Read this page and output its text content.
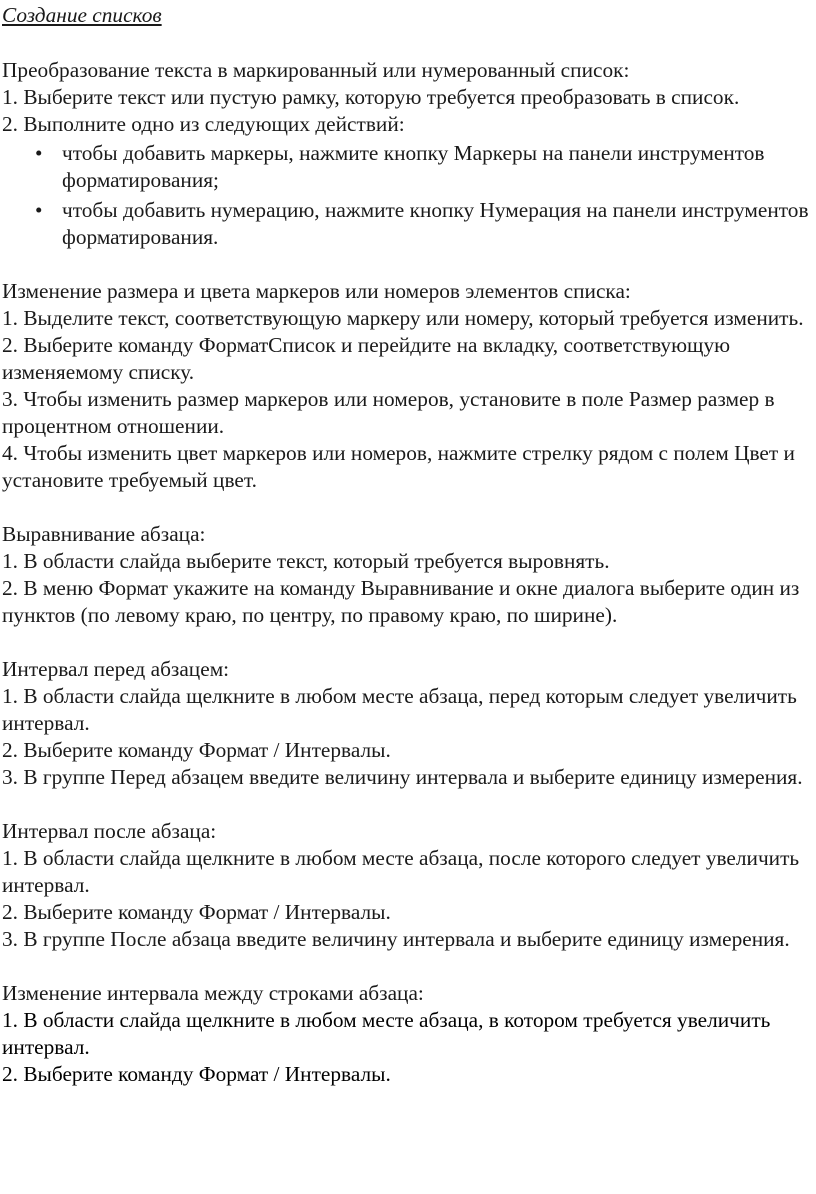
Создание списков

Преобразование текста в маркированный или нумерованный список:

1. Выберите текст или пустую рамку, которую требуется преобразовать в список.

2. Выполните одно из следующих действий:

• чтобы добавить маркеры, нажмите кнопку Маркеры на панели инструментов форматирования;
• чтобы добавить нумерацию, нажмите кнопку Нумерация на панели инструментов форматирования.

Изменение размера и цвета маркеров или номеров элементов списка:

1. Выделите текст, соответствующую маркеру или номеру, который требуется изменить.

2. Выберите команду ФорматСписок и перейдите на вкладку, соответствующую изменяемому списку.

3. Чтобы изменить размер маркеров или номеров, установите в поле Размер размер в процентном отношении.

4. Чтобы изменить цвет маркеров или номеров, нажмите стрелку рядом с полем Цвет и установите требуемый цвет.

Выравнивание абзаца:

1. В области слайда выберите текст, который требуется выровнять.

2. В меню Формат укажите на команду Выравнивание и окне диалога выберите один из пунктов (по левому краю, по центру, по правому краю, по ширине).

Интервал перед абзацем:

1. В области слайда щелкните в любом месте абзаца, перед которым следует увеличить интервал.

2. Выберите команду Формат / Интервалы.

3. В группе Перед абзацем введите величину интервала и выберите единицу измерения.

Интервал после абзаца:

1. В области слайда щелкните в любом месте абзаца, после которого следует увеличить интервал.

2. Выберите команду Формат / Интервалы.

3. В группе После абзаца введите величину интервала и выберите единицу измерения.

Изменение интервала между строками абзаца:

1. В области слайда щелкните в любом месте абзаца, в котором требуется увеличить интервал.

2. Выберите команду Формат / Интервалы.
